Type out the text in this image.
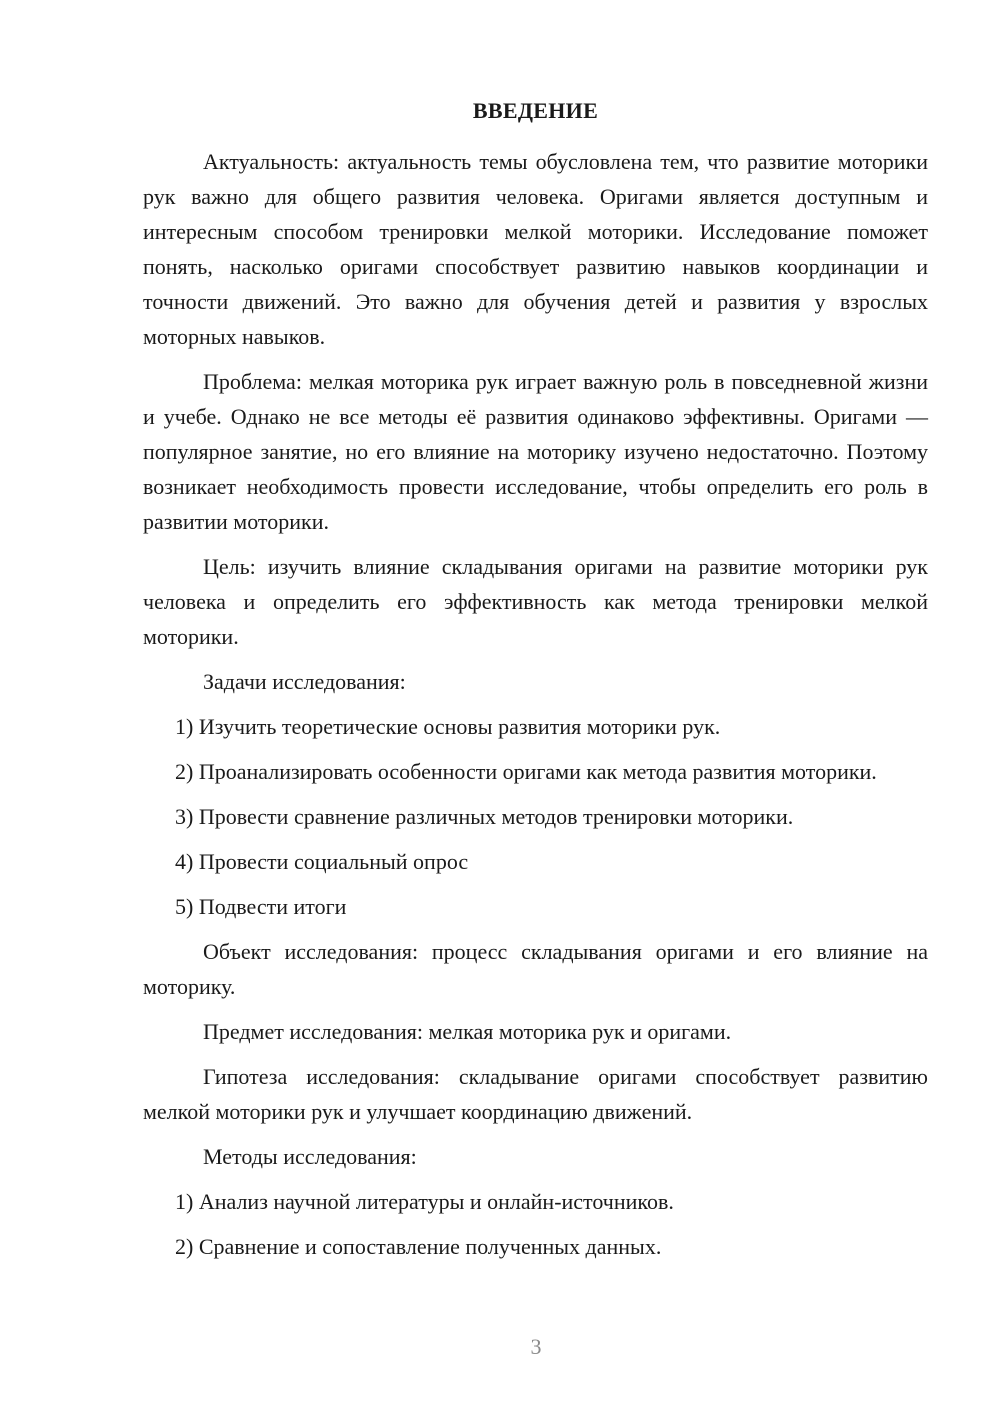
ВВЕДЕНИЕ

Актуальность: актуальность темы обусловлена тем, что развитие моторики рук важно для общего развития человека. Оригами является доступным и интересным способом тренировки мелкой моторики. Исследование поможет понять, насколько оригами способствует развитию навыков координации и точности движений. Это важно для обучения детей и развития у взрослых моторных навыков.

Проблема: мелкая моторика рук играет важную роль в повседневной жизни и учебе. Однако не все методы её развития одинаково эффективны. Оригами — популярное занятие, но его влияние на моторику изучено недостаточно. Поэтому возникает необходимость провести исследование, чтобы определить его роль в развитии моторики.

Цель: изучить влияние складывания оригами на развитие моторики рук человека и определить его эффективность как метода тренировки мелкой моторики.

Задачи исследования:

1) Изучить теоретические основы развития моторики рук.

2) Проанализировать особенности оригами как метода развития моторики.

3) Провести сравнение различных методов тренировки моторики.

4) Провести социальный опрос

5) Подвести итоги

Объект исследования: процесс складывания оригами и его влияние на моторику.

Предмет исследования: мелкая моторика рук и оригами.

Гипотеза исследования: складывание оригами способствует развитию мелкой моторики рук и улучшает координацию движений.

Методы исследования:

1) Анализ научной литературы и онлайн-источников.

2) Сравнение и сопоставление полученных данных.

3
